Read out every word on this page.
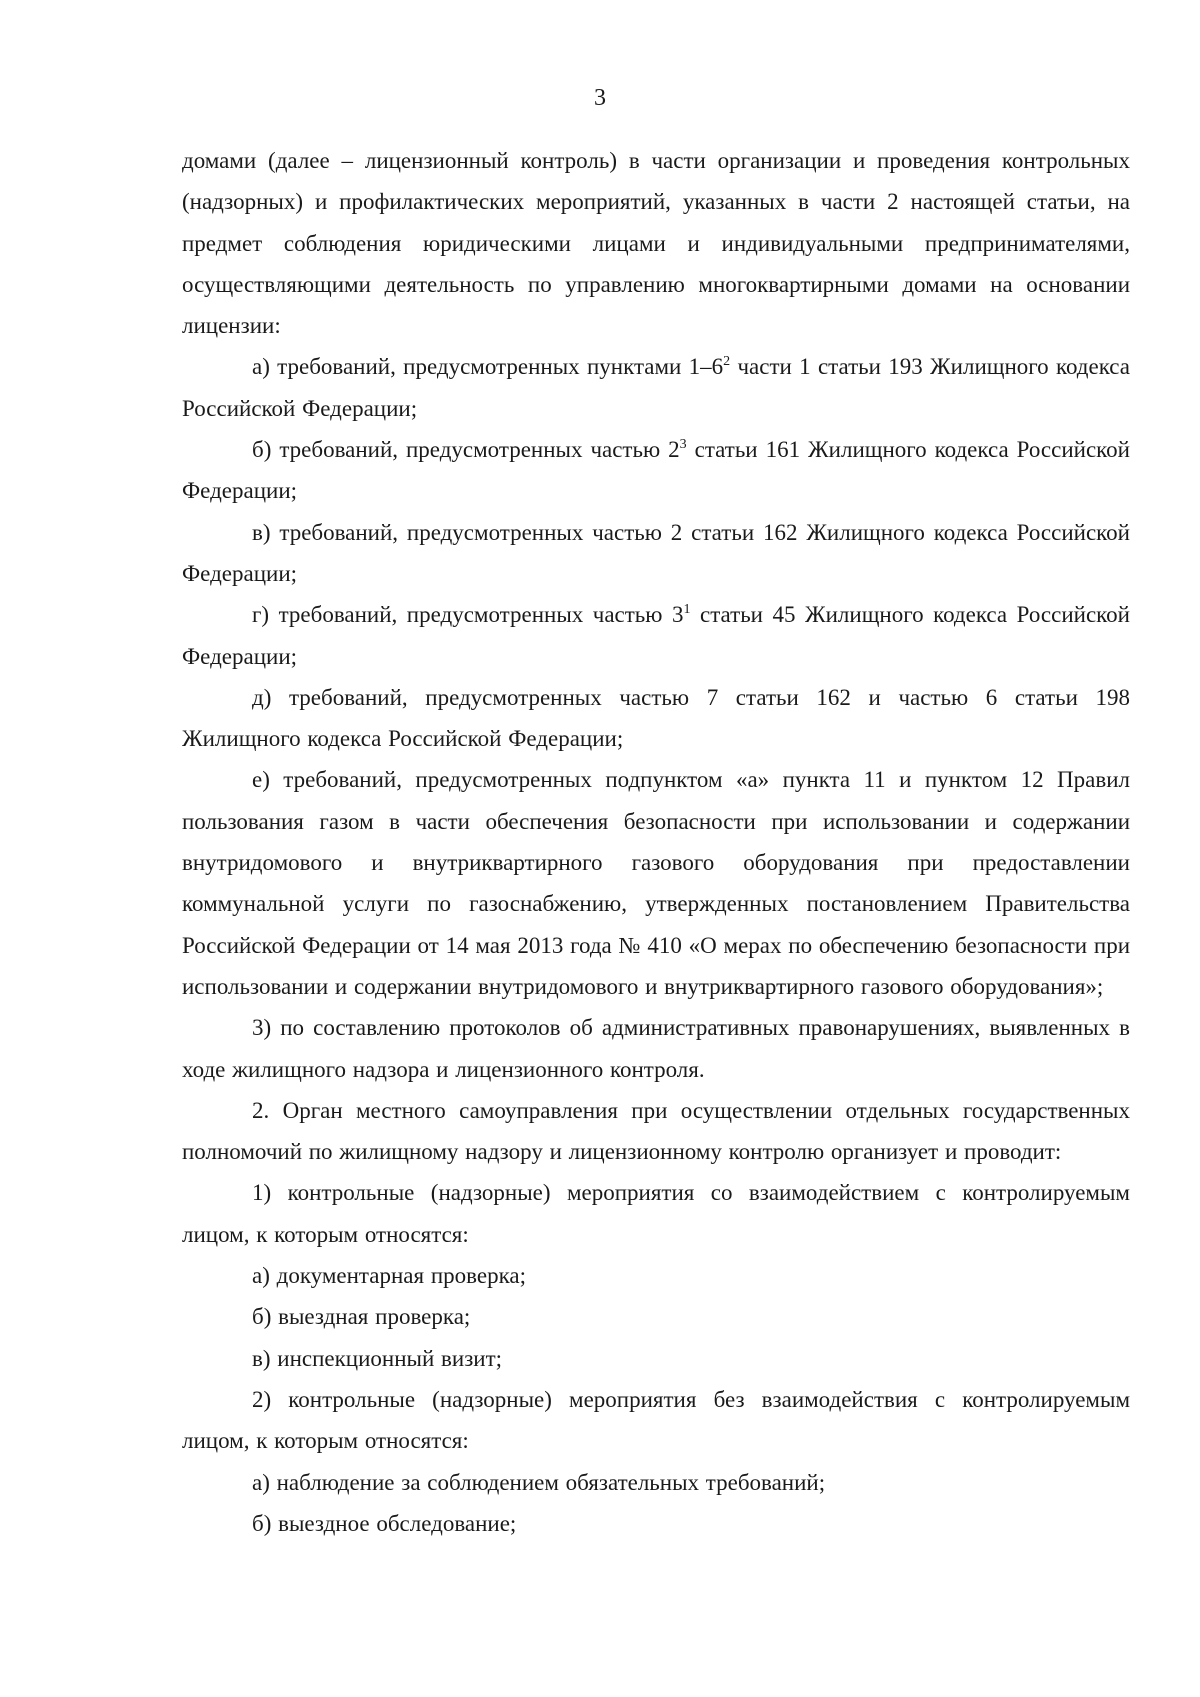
3

домами (далее – лицензионный контроль) в части организации и проведения контрольных (надзорных) и профилактических мероприятий, указанных в части 2 настоящей статьи, на предмет соблюдения юридическими лицами и индивидуальными предпринимателями, осуществляющими деятельность по управлению многоквартирными домами на основании лицензии:

а) требований, предусмотренных пунктами $1-6^2$ части 1 статьи 193 Жилищного кодекса Российской Федерации;

б) требований, предусмотренных частью $2^3$ статьи 161 Жилищного кодекса Российской Федерации;

в) требований, предусмотренных частью 2 статьи 162 Жилищного кодекса Российской Федерации;

г) требований, предусмотренных частью $3^1$ статьи 45 Жилищного кодекса Российской Федерации;

д) требований, предусмотренных частью 7 статьи 162 и частью 6 статьи 198 Жилищного кодекса Российской Федерации;

е) требований, предусмотренных подпунктом «а» пункта 11 и пунктом 12 Правил пользования газом в части обеспечения безопасности при использовании и содержании внутридомового и внутриквартирного газового оборудования при предоставлении коммунальной услуги по газоснабжению, утвержденных постановлением Правительства Российской Федерации от 14 мая 2013 года № 410 «О мерах по обеспечению безопасности при использовании и содержании внутридомового и внутриквартирного газового оборудования»;

3) по составлению протоколов об административных правонарушениях, выявленных в ходе жилищного надзора и лицензионного контроля.

2. Орган местного самоуправления при осуществлении отдельных государственных полномочий по жилищному надзору и лицензионному контролю организует и проводит:

1) контрольные (надзорные) мероприятия со взаимодействием с контролируемым лицом, к которым относятся:

а) документарная проверка;

б) выездная проверка;

в) инспекционный визит;

2) контрольные (надзорные) мероприятия без взаимодействия с контролируемым лицом, к которым относятся:

а) наблюдение за соблюдением обязательных требований;

б) выездное обследование;
